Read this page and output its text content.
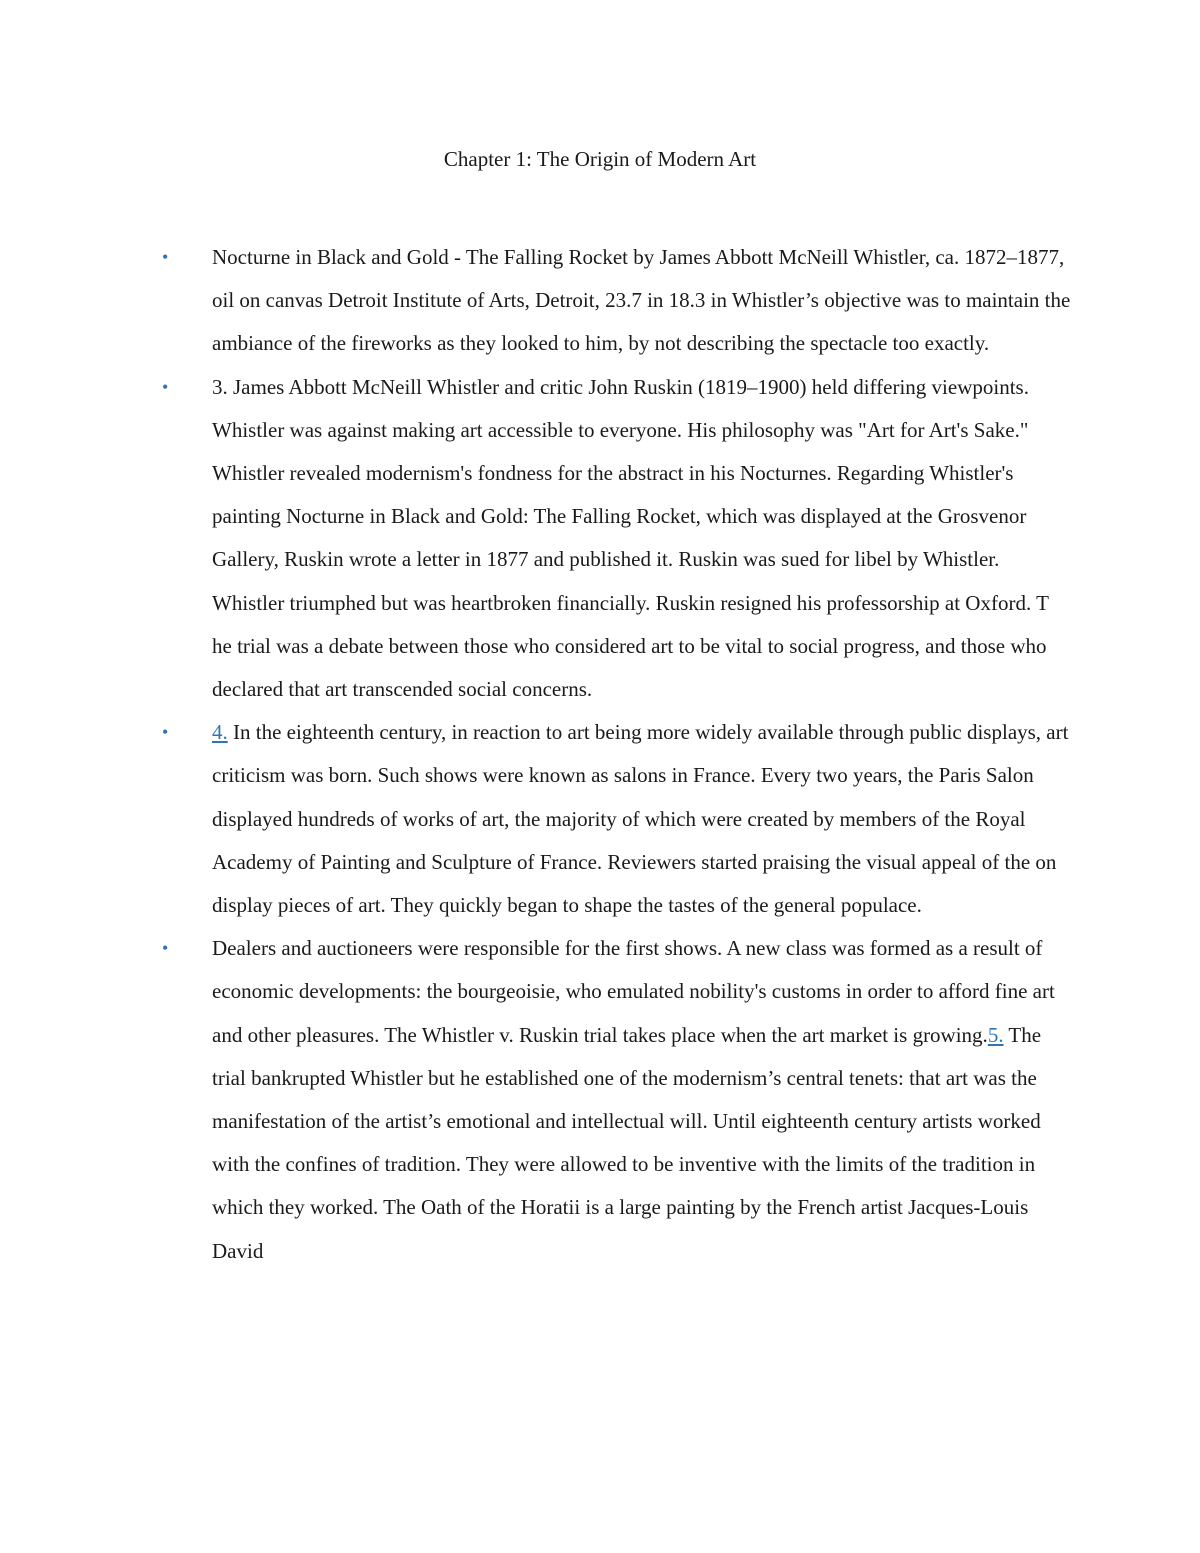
Chapter 1: The Origin of Modern Art
• Nocturne in Black and Gold - The Falling Rocket by James Abbott McNeill Whistler, ca. 1872–1877, oil on canvas Detroit Institute of Arts, Detroit, 23.7 in 18.3 in Whistler’s objective was to maintain the ambiance of the fireworks as they looked to him, by not describing the spectacle too exactly.
• 3. James Abbott McNeill Whistler and critic John Ruskin (1819–1900) held differing viewpoints. Whistler was against making art accessible to everyone. His philosophy was "Art for Art's Sake." Whistler revealed modernism's fondness for the abstract in his Nocturnes. Regarding Whistler's painting Nocturne in Black and Gold: The Falling Rocket, which was displayed at the Grosvenor Gallery, Ruskin wrote a letter in 1877 and published it. Ruskin was sued for libel by Whistler. Whistler triumphed but was heartbroken financially. Ruskin resigned his professorship at Oxford. T he trial was a debate between those who considered art to be vital to social progress, and those who declared that art transcended social concerns.
• 4. In the eighteenth century, in reaction to art being more widely available through public displays, art criticism was born. Such shows were known as salons in France. Every two years, the Paris Salon displayed hundreds of works of art, the majority of which were created by members of the Royal Academy of Painting and Sculpture of France. Reviewers started praising the visual appeal of the on display pieces of art. They quickly began to shape the tastes of the general populace.
• Dealers and auctioneers were responsible for the first shows. A new class was formed as a result of economic developments: the bourgeoisie, who emulated nobility's customs in order to afford fine art and other pleasures. The Whistler v. Ruskin trial takes place when the art market is growing.5. The trial bankrupted Whistler but he established one of the modernism’s central tenets: that art was the manifestation of the artist’s emotional and intellectual will. Until eighteenth century artists worked with the confines of tradition. They were allowed to be inventive with the limits of the tradition in which they worked. The Oath of the Horatii is a large painting by the French artist Jacques-Louis David
